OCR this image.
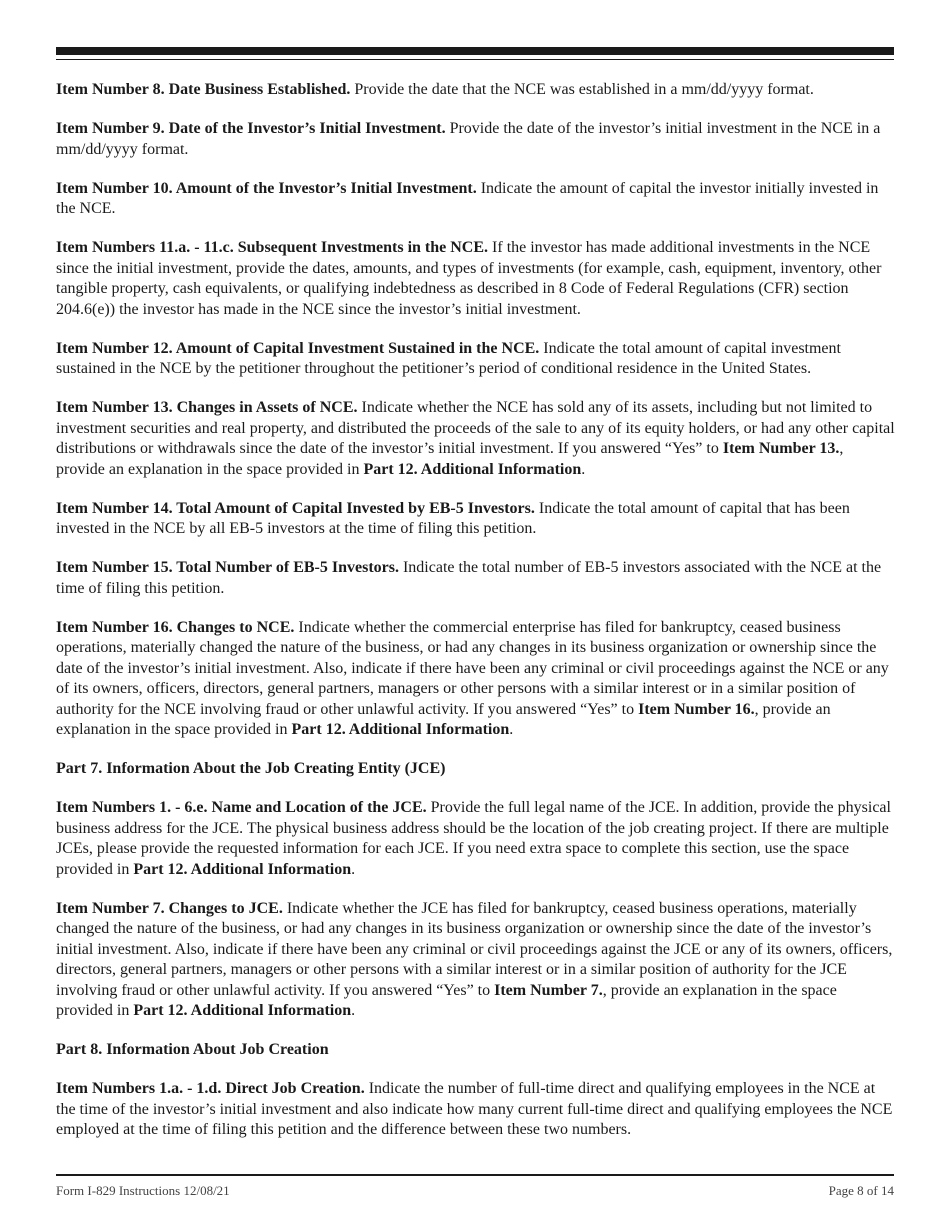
Item Number 8. Date Business Established. Provide the date that the NCE was established in a mm/dd/yyyy format.

Item Number 9. Date of the Investor’s Initial Investment. Provide the date of the investor’s initial investment in the NCE in a mm/dd/yyyy format.

Item Number 10. Amount of the Investor’s Initial Investment. Indicate the amount of capital the investor initially invested in the NCE.

Item Numbers 11.a. - 11.c. Subsequent Investments in the NCE. If the investor has made additional investments in the NCE since the initial investment, provide the dates, amounts, and types of investments (for example, cash, equipment, inventory, other tangible property, cash equivalents, or qualifying indebtedness as described in 8 Code of Federal Regulations (CFR) section 204.6(e)) the investor has made in the NCE since the investor’s initial investment.

Item Number 12. Amount of Capital Investment Sustained in the NCE. Indicate the total amount of capital investment sustained in the NCE by the petitioner throughout the petitioner’s period of conditional residence in the United States.

Item Number 13. Changes in Assets of NCE. Indicate whether the NCE has sold any of its assets, including but not limited to investment securities and real property, and distributed the proceeds of the sale to any of its equity holders, or had any other capital distributions or withdrawals since the date of the investor’s initial investment. If you answered “Yes” to Item Number 13., provide an explanation in the space provided in Part 12. Additional Information.

Item Number 14. Total Amount of Capital Invested by EB-5 Investors. Indicate the total amount of capital that has been invested in the NCE by all EB-5 investors at the time of filing this petition.

Item Number 15. Total Number of EB-5 Investors. Indicate the total number of EB-5 investors associated with the NCE at the time of filing this petition.

Item Number 16. Changes to NCE. Indicate whether the commercial enterprise has filed for bankruptcy, ceased business operations, materially changed the nature of the business, or had any changes in its business organization or ownership since the date of the investor’s initial investment. Also, indicate if there have been any criminal or civil proceedings against the NCE or any of its owners, officers, directors, general partners, managers or other persons with a similar interest or in a similar position of authority for the NCE involving fraud or other unlawful activity. If you answered “Yes” to Item Number 16., provide an explanation in the space provided in Part 12. Additional Information.

Part 7. Information About the Job Creating Entity (JCE)

Item Numbers 1. - 6.e. Name and Location of the JCE. Provide the full legal name of the JCE. In addition, provide the physical business address for the JCE. The physical business address should be the location of the job creating project. If there are multiple JCEs, please provide the requested information for each JCE. If you need extra space to complete this section, use the space provided in Part 12. Additional Information.

Item Number 7. Changes to JCE. Indicate whether the JCE has filed for bankruptcy, ceased business operations, materially changed the nature of the business, or had any changes in its business organization or ownership since the date of the investor’s initial investment. Also, indicate if there have been any criminal or civil proceedings against the JCE or any of its owners, officers, directors, general partners, managers or other persons with a similar interest or in a similar position of authority for the JCE involving fraud or other unlawful activity. If you answered “Yes” to Item Number 7., provide an explanation in the space provided in Part 12. Additional Information.

Part 8. Information About Job Creation

Item Numbers 1.a. - 1.d. Direct Job Creation. Indicate the number of full-time direct and qualifying employees in the NCE at the time of the investor’s initial investment and also indicate how many current full-time direct and qualifying employees the NCE employed at the time of filing this petition and the difference between these two numbers.

Form I-829 Instructions 12/08/21	Page 8 of 14
